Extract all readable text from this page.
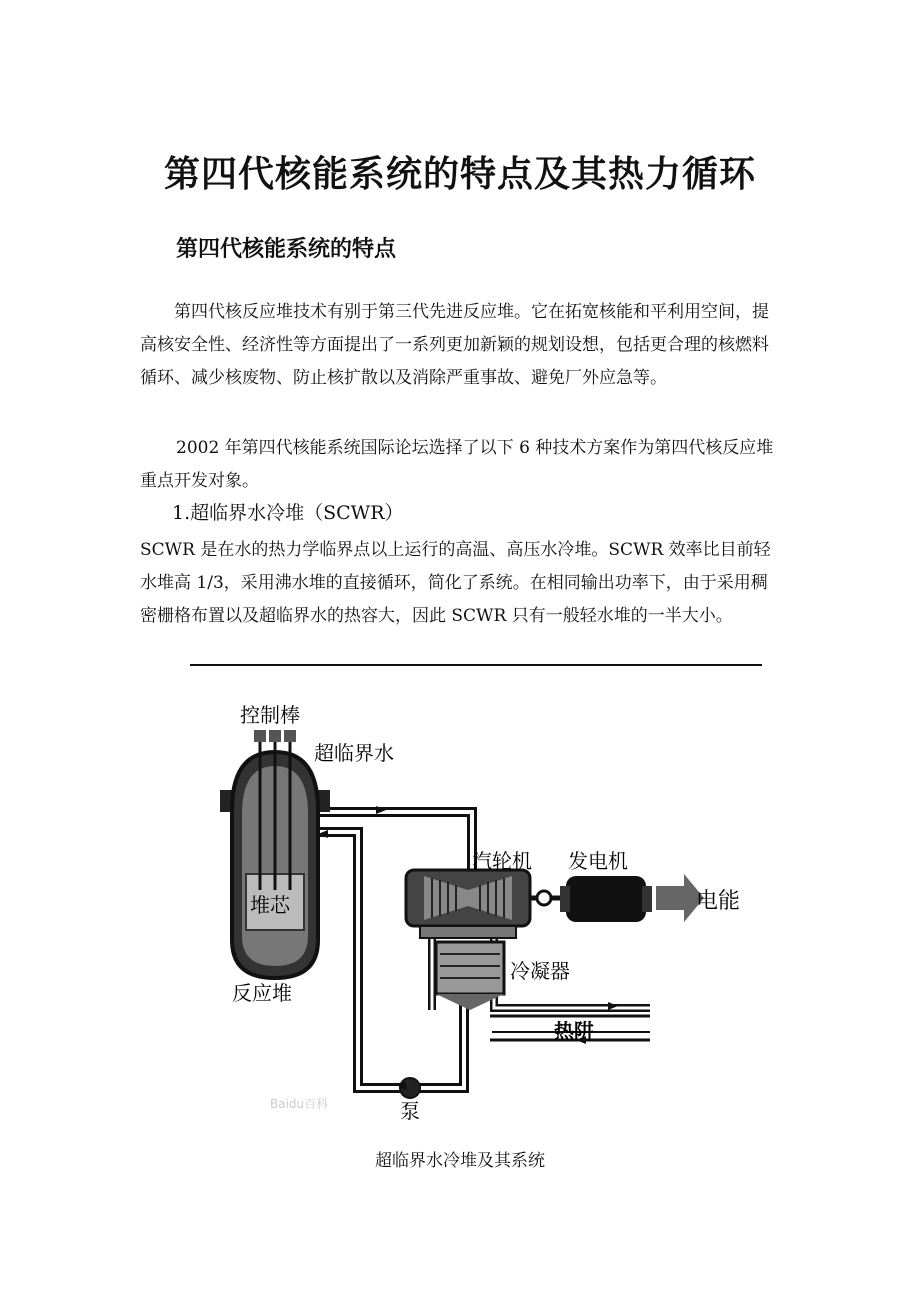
第四代核能系统的特点及其热力循环
第四代核能系统的特点
第四代核反应堆技术有别于第三代先进反应堆。它在拓宽核能和平利用空间，提高核安全性、经济性等方面提出了一系列更加新颖的规划设想，包括更合理的核燃料循环、减少核废物、防止核扩散以及消除严重事故、避免厂外应急等。
2002 年第四代核能系统国际论坛选择了以下 6 种技术方案作为第四代核反应堆重点开发对象。
1.超临界水冷堆（SCWR）
SCWR 是在水的热力学临界点以上运行的高温、高压水冷堆。SCWR 效率比目前轻水堆高 1/3，采用沸水堆的直接循环，简化了系统。在相同输出功率下，由于采用稠密栅格布置以及超临界水的热容大，因此 SCWR 只有一般轻水堆的一半大小。
控制棒
超临界水
汽轮机 发电机
电能
堆芯
冷凝器
反应堆
热阱
泵
Baidu百科
超临界水冷堆及其系统
